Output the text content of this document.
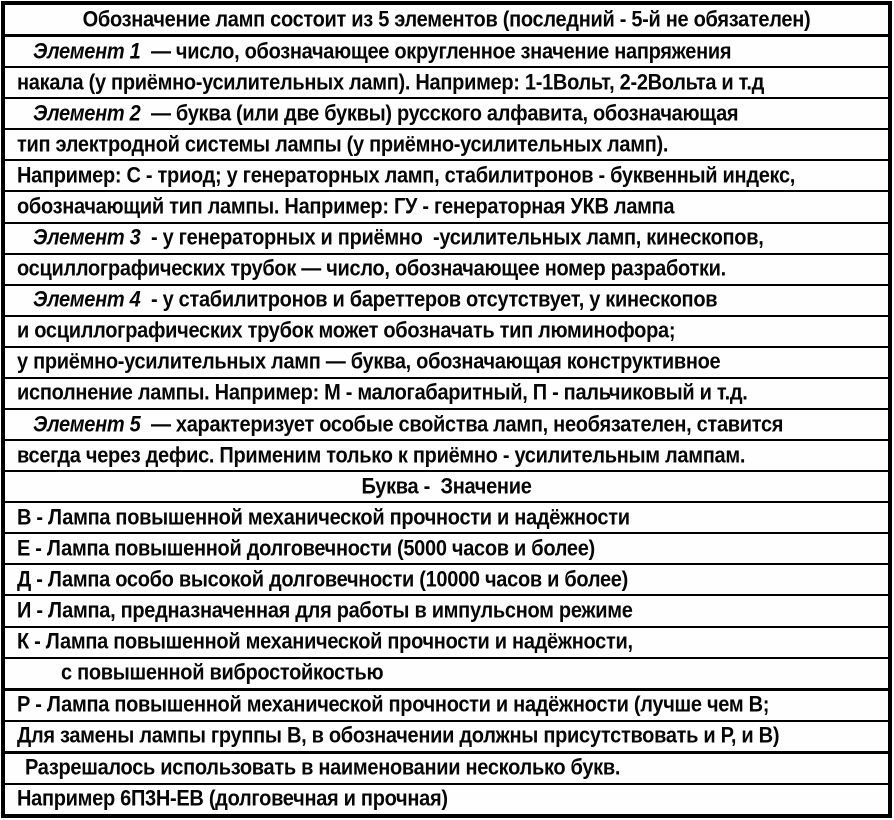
Обозначение ламп состоит из 5 элементов (последний - 5-й не обязателен)
Элемент 1 — число, обозначающее округленное значение напряжения
накала (у приёмно-усилительных ламп). Например: 1-1Вольт, 2-2Вольта и т.д
Элемент 2 — буква (или две буквы) русского алфавита, обозначающая
тип электродной системы лампы (у приёмно-усилительных ламп).
Например: С - триод; у генераторных ламп, стабилитронов - буквенный индекс,
обозначающий тип лампы. Например: ГУ - генераторная УКВ лампа
Элемент 3 - у генераторных и приёмно  -усилительных ламп, кинескопов,
осциллографических трубок — число, обозначающее номер разработки.
Элемент 4 - у стабилитронов и бареттеров отсутствует, у кинескопов
и осциллографических трубок может обозначать тип люминофора;
у приёмно-усилительных ламп — буква, обозначающая конструктивное
исполнение лампы. Например: М - малогабаритный, П - пальчиковый и т.д.
Элемент 5 — характеризует особые свойства ламп, необязателен, ставится
всегда через дефис. Применим только к приёмно - усилительным лампам.
Буква -  Значение
В - Лампа повышенной механической прочности и надёжности
Е - Лампа повышенной долговечности (5000 часов и более)
Д - Лампа особо высокой долговечности (10000 часов и более)
И - Лампа, предназначенная для работы в импульсном режиме
К - Лампа повышенной механической прочности и надёжности,
с повышенной вибростойкостью
Р - Лампа повышенной механической прочности и надёжности (лучше чем В;
Для замены лампы группы В, в обозначении должны присутствовать и Р, и В)
Разрешалось использовать в наименовании несколько букв.
Например 6П3Н-ЕВ (долговечная и прочная)
